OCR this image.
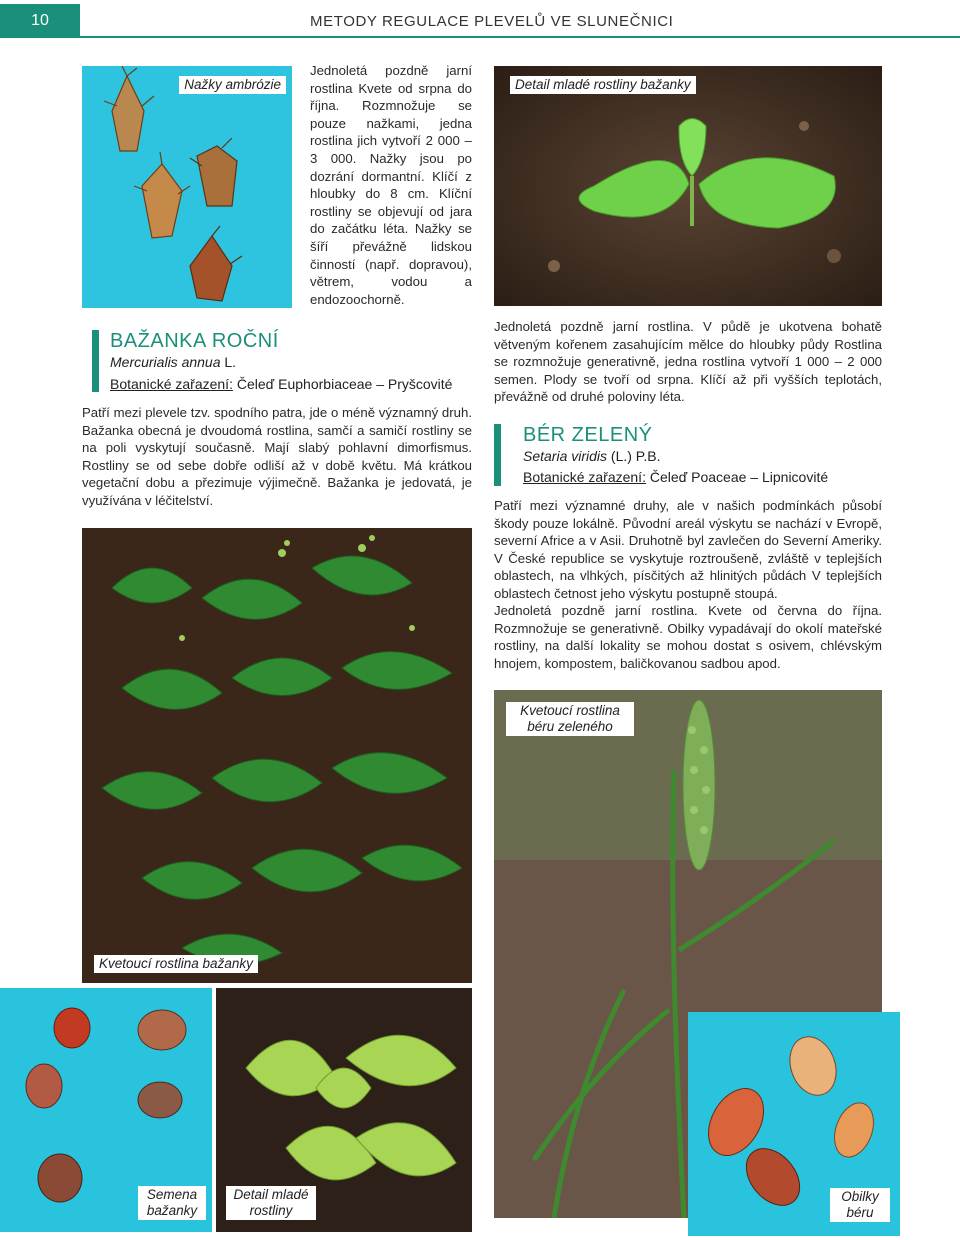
10	METODY REGULACE PLEVELŮ VE SLUNEČNICI
Nažky ambrózie

Jednoletá pozdně jarní rostlina Kvete od srpna do října. Rozmnožuje se pouze nažkami, jedna rostlina jich vytvoří 2 000 – 3 000. Nažky jsou po dozrání dormantní. Klíčí z hloubky do 8 cm. Klíční rostliny se objevují od jara do začátku léta. Nažky se šíří převážně lidskou činností (např. dopravou), větrem, vodou a endozoochorně.

Detail mladé rostliny bažanky
BAŽANKA ROČNÍ
Mercurialis annua L.
Botanické zařazení: Čeleď Euphorbiaceae – Pryšcovité

Patří mezi plevele tzv. spodního patra, jde o méně významný druh. Bažanka obecná je dvoudomá rostlina, samčí a samičí rostliny se na poli vyskytují současně. Mají slabý pohlavní dimorfismus. Rostliny se od sebe dobře odliší až v době květu. Má krátkou vegetační dobu a přezimuje výjimečně. Bažanka je jedovatá, je využívána v léčitelství.

Jednoletá pozdně jarní rostlina. V půdě je ukotvena bohatě větveným kořenem zasahujícím mělce do hloubky půdy Rostlina se rozmnožuje generativně, jedna rostlina vytvoří 1 000 – 2 000 semen. Plody se tvoří od srpna. Klíčí až při vyšších teplotách, převážně od druhé poloviny léta.

BÉR ZELENÝ
Setaria viridis (L.) P.B.
Botanické zařazení: Čeleď Poaceae – Lipnicovité

Patří mezi významné druhy, ale v našich podmínkách působí škody pouze lokálně. Původní areál výskytu se nachází v Evropě, severní Africe a v Asii. Druhotně byl zavlečen do Severní Ameriky. V České republice se vyskytuje roztroušeně, zvláště v teplejších oblastech, na vlhkých, písčitých až hlinitých půdách V teplejších oblastech četnost jeho výskytu postupně stoupá.

Jednoletá pozdně jarní rostlina. Kvete od června do října. Rozmnožuje se generativně. Obilky vypadávají do okolí mateřské rostliny, na další lokality se mohou dostat s osivem, chlévským hnojem, kompostem, baličkovanou sadbou apod.

Kvetoucí rostlina bažanky
Kvetoucí rostlina béru zeleného
Semena bažanky
Detail mladé rostliny
Obilky béru
